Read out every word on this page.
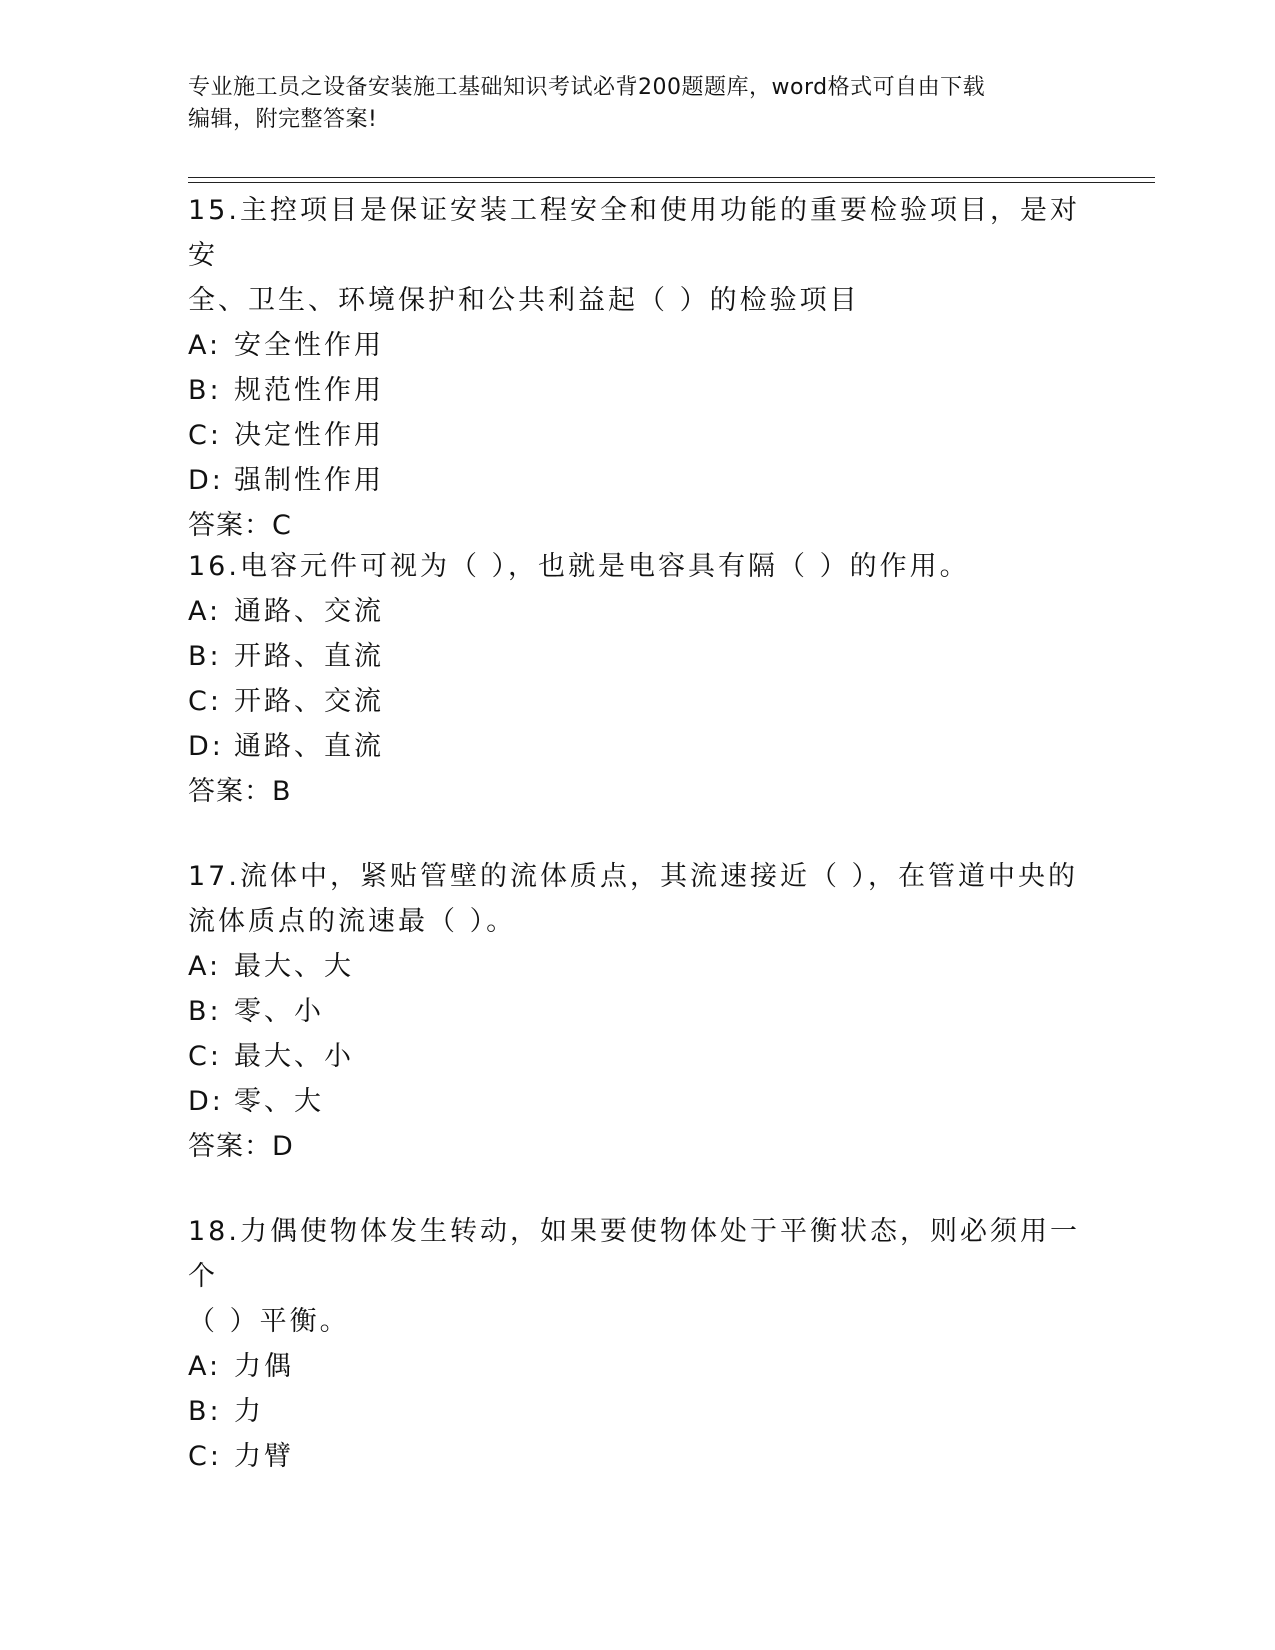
专业施工员之设备安装施工基础知识考试必背200题题库，word格式可自由下载
编辑，附完整答案!

15.主控项目是保证安装工程安全和使用功能的重要检验项目，是对安

全、卫生、环境保护和公共利益起（ ）的检验项目

A: 安全性作用
B: 规范性作用
C: 决定性作用
D: 强制性作用

答案：C

16.电容元件可视为（ ），也就是电容具有隔（ ）的作用。

A: 通路、交流
B: 开路、直流
C: 开路、交流
D: 通路、直流

答案：B

17.流体中，紧贴管壁的流体质点，其流速接近（ ），在管道中央的

流体质点的流速最（ ）。

A: 最大、大
B: 零、小
C: 最大、小
D: 零、大

答案：D

18.力偶使物体发生转动，如果要使物体处于平衡状态，则必须用一个

（ ）平衡。

A: 力偶
B: 力
C: 力臂
